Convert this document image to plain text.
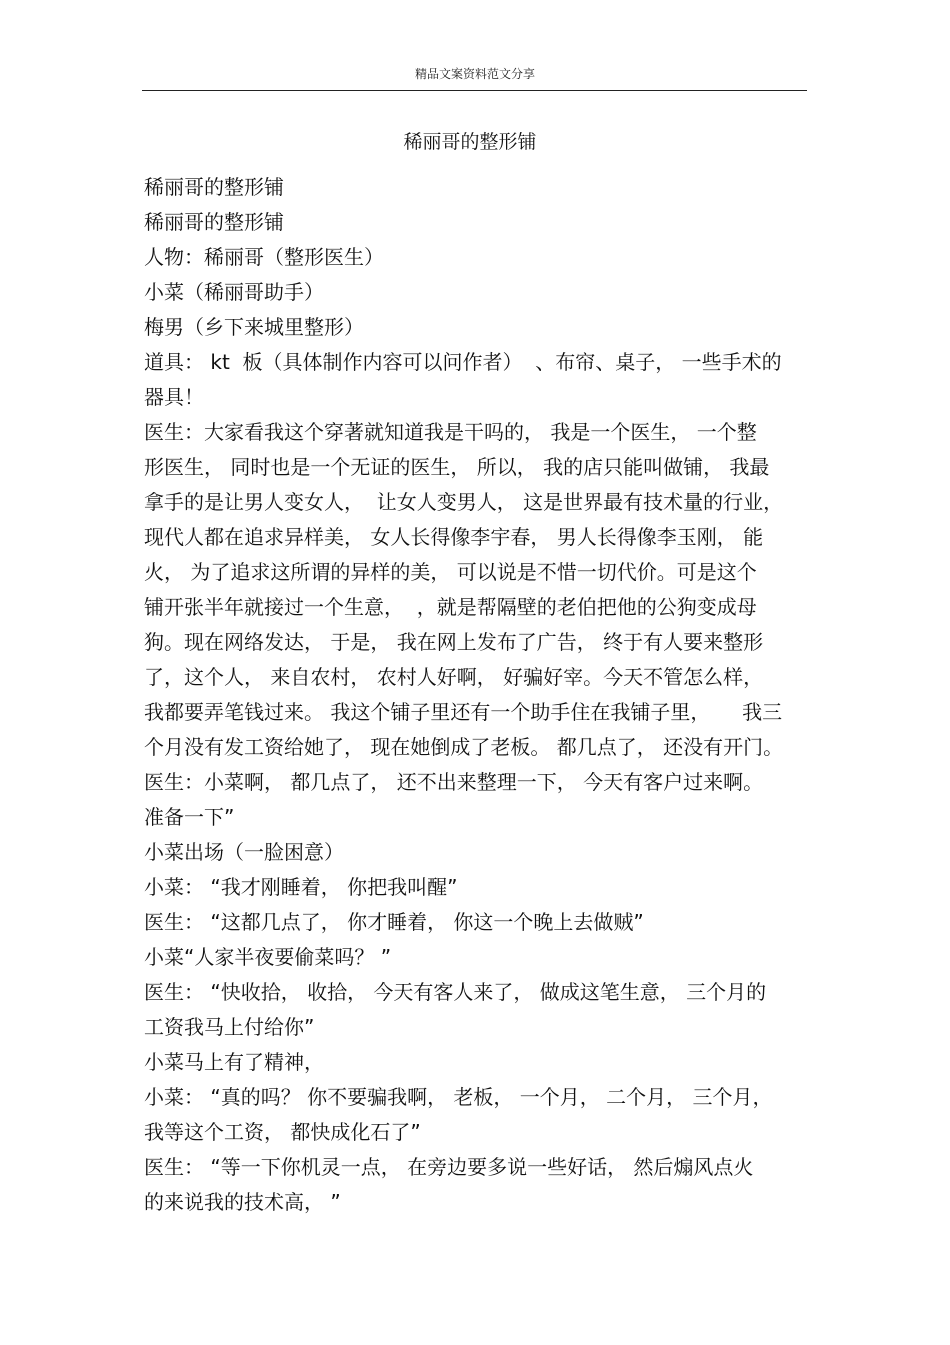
精品文案资料范文分享
稀丽哥的整形铺
稀丽哥的整形铺
稀丽哥的整形铺
人物：稀丽哥（整形医生）
小菜（稀丽哥助手）
梅男（乡下来城里整形）
道具： kt  板（具体制作内容可以问作者）  、布帘、桌子， 一些手术的
器具！
医生：大家看我这个穿著就知道我是干吗的， 我是一个医生， 一个整
形医生， 同时也是一个无证的医生， 所以， 我的店只能叫做铺， 我最
拿手的是让男人变女人，  让女人变男人， 这是世界最有技术量的行业，
现代人都在追求异样美， 女人长得像李宇春， 男人长得像李玉刚， 能
火， 为了追求这所谓的异样的美， 可以说是不惜一切代价。可是这个
铺开张半年就接过一个生意，  ，就是帮隔壁的老伯把他的公狗变成母
狗。现在网络发达， 于是， 我在网上发布了广告， 终于有人要来整形
了，这个人， 来自农村， 农村人好啊， 好骗好宰。今天不管怎么样，
我都要弄笔钱过来。 我这个铺子里还有一个助手住在我铺子里，     我三
个月没有发工资给她了， 现在她倒成了老板。 都几点了， 还没有开门。
医生：小菜啊， 都几点了， 还不出来整理一下， 今天有客户过来啊。
准备一下”
小菜出场（一脸困意）
小菜： “我才刚睡着， 你把我叫醒”
医生： “这都几点了， 你才睡着， 你这一个晚上去做贼”
小菜“人家半夜要偷菜吗？ ”
医生： “快收拾， 收拾， 今天有客人来了， 做成这笔生意， 三个月的
工资我马上付给你”
小菜马上有了精神，
小菜： “真的吗？ 你不要骗我啊， 老板， 一个月， 二个月， 三个月，
我等这个工资， 都快成化石了”
医生： “等一下你机灵一点， 在旁边要多说一些好话， 然后煽风点火
的来说我的技术高， ”
